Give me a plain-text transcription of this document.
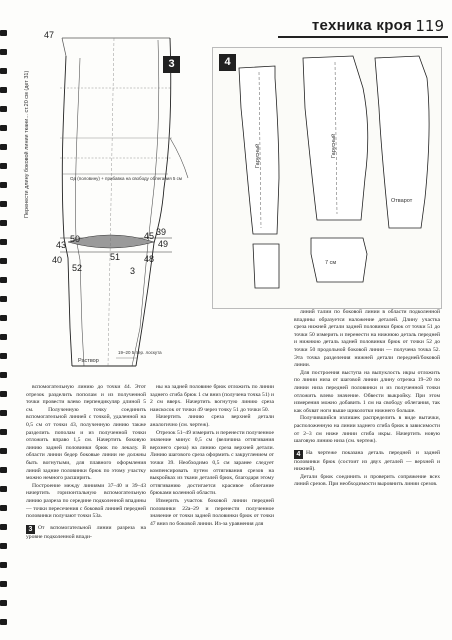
техника кроя 119
3
47
39
50	49
43
40
52
51	48
3
45
Од (половину) + прибавка на свободу облегания 5 см
Перенести длину боковой линии ткани... ст.20 см (дет 31)
Раствор
19–20 5 пер. лоскута
4
Гарусный	Гарусный
Отварот
7 см

вспомогательную линию до точки 44. Этот отрезок разделить пополам и из полученной точки провести влево перпендикуляр длиной 5 см. Полученную точку соединить вспомогательной линией с точкой, удаленной на 0,5 см от точки 43, полученную линию также разделить пополам и из полученной точки отложить вправо 1,5 см. Начертить боковую линию задней половинки брюк по лекалу. В области линии бедер боковые линии не должны быть вогнутыми, для плавного оформления линий задние половинки брюк по этому участку можно немного расширить.

Построение между линиями 37–40 и 39–43 начертить горизонтальную вспомогательную линию разреза по середине подколенной впадины — точки пересечения с боковой линией передней половинки получают точки 53а.

3 От вспомогательной линии разреза на уровне подколенной впади-

ны на задней половине брюк отложить по линии заднего сгиба брюк 1 см вниз (получена точка 51) и 2 см вверх. Начертить вогнутую линию среза наискосок от точки 49 через точку 51 до точки 50.

Начертить линию среза верхней детали аналогично (см. чертеж).

Отрезок 51–49 измерить и перенести полученное значение минус 0,5 см (величина оттягивания верхнего среза) на линию среза верхней детали. Линию шагового среза оформить с закруглением от точки 39. Необходимо 0,5 см заранее следует компенсировать путем оттягивания срезов на выкройках из ткани деталей брюк, благодаря этому оттягиванию достигается красивое облегание брюками коленной области.

Измерить участок боковой линии передней половинки 22а–29 и перенести полученное значение от точки задней половинки брюк от точки 47 вниз по боковой линии. Из-за уравнения для

линий талии по боковой линии в области подколенной впадины образуется наложение деталей. Длину участка среза нижней детали задней половинки брюк от точки 51 до точки 50 измерить и перенести на нижнюю деталь передней и нижнюю деталь задней половинки брюк от точки 52 до точки 50 продольной боковой линии — получена точка 52. Эта точка разделения нижней детали передней/боковой линии.

Для построения выступа на выпуклость икры отложить по линии низа от шаговой линии длину отрезка 19–20 по линии низа передней половинки и из полученной точки отложить влево значение. Обвести выкройку. При этом измерения можно добавить 1 см на свободу облегания, так как обхват ноги выше щиколотки нижнего больше.

Получившийся излишек распределить в виде вытачки, расположенную на линии заднего сгиба брюк в зависимости от 2–3 см ниже линии сгиба икры. Начертить новую шаговую линию низа (см. чертеж).

4 На чертеже показана деталь передней и задней половинки брюк (состоит из двух деталей — верхней и нижней).

Детали брюк соединить и проверить сопряжение всех линий срезов. При необходимости выровнить линии срезов.
